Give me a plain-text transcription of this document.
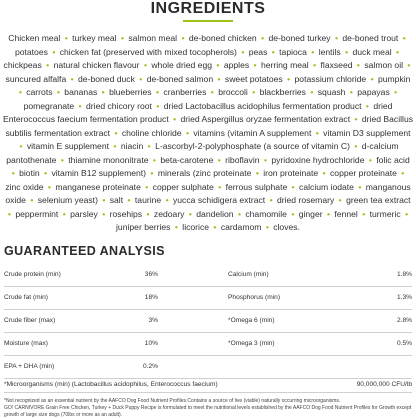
INGREDIENTS
Chicken meal • turkey meal • salmon meal • de-boned chicken • de-boned turkey • de-boned trout • potatoes • chicken fat (preserved with mixed tocopherols) • peas • tapioca • lentils • duck meal • chickpeas • natural chicken flavour • whole dried egg • apples • herring meal • flaxseed • salmon oil • suncured alfalfa • de-boned duck • de-boned salmon • sweet potatoes • potassium chloride • pumpkin • carrots • bananas • blueberries • cranberries • broccoli • blackberries • squash • papayas • pomegranate • dried chicory root • dried Lactobacillus acidophilus fermentation product • dried Enterococcus faecium fermentation product • dried Aspergillus oryzae fermentation extract • dried Bacillus subtilis fermentation extract • choline chloride • vitamins (vitamin A supplement • vitamin D3 supplement • vitamin E supplement • niacin • L-ascorbyl-2-polyphosphate (a source of vitamin C) • d-calcium pantothenate • thiamine mononitrate • beta-carotene • riboflavin • pyridoxine hydrochloride • folic acid • biotin • vitamin B12 supplement) • minerals (zinc proteinate • iron proteinate • copper proteinate • zinc oxide • manganese proteinate • copper sulphate • ferrous sulphate • calcium iodate • manganous oxide • selenium yeast) • salt • taurine • yucca schidigera extract • dried rosemary • green tea extract • peppermint • parsley • rosehips • zedoary • dandelion • chamomile • ginger • fennel • turmeric • juniper berries • licorice • cardamom • cloves.
GUARANTEED ANALYSIS
Crude protein (min)	36%	Calcium (min)	1.8%
Crude fat (min)	18%	Phosphorus (min)	1.3%
Crude fiber (max)	3%	*Omega 6 (min)	2.8%
Moisture (max)	10%	*Omega 3 (min)	0.5%
EPA + DHA (min)	0.2%
*Microorganisms (min) (Lactobacillus acidophilus, Enterococcus faecium)	90,000,000 CFU/lb
*Not recognized as an essential nutrient by the AAFCO Dog Food Nutrient Profiles.Contains a source of live (viable) naturally occurring microorganisms.
GO! CARNIVORE Grain Free Chicken, Turkey + Duck Puppy Recipe is formulated to meet the nutritional levels established by the AAFCO Dog Food Nutrient Profiles for Growth except growth of large size dogs (70lbs or more as an adult).
